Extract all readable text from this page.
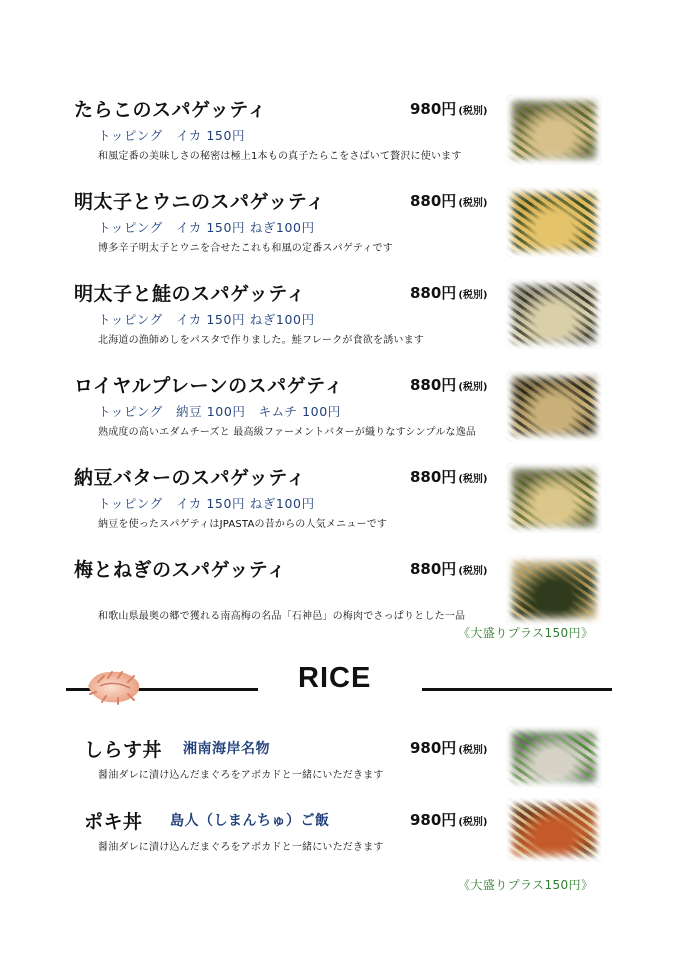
たらこのスパゲッティ	980円 (税別)
トッピング　イカ 150円
和風定番の美味しさの秘密は極上1本もの真子たらこをさばいて贅沢に使います
明太子とウニのスパゲッティ	880円 (税別)
トッピング　イカ 150円 ねぎ100円
博多辛子明太子とウニを合せたこれも和風の定番スパゲティです
明太子と鮭のスパゲッティ	880円 (税別)
トッピング　イカ 150円 ねぎ100円
北海道の漁師めしをパスタで作りました。鮭フレークが食欲を誘います
ロイヤルプレーンのスパゲティ	880円 (税別)
トッピング　納豆 100円　キムチ 100円
熟成度の高いエダムチーズと 最高級ファーメントバターが織りなすシンプルな逸品
納豆バターのスパゲッティ	880円 (税別)
トッピング　イカ 150円 ねぎ100円
納豆を使ったスパゲティはJPASTAの昔からの人気メニューです
梅とねぎのスパゲッティ	880円 (税別)
和歌山県最奥の郷で獲れる南高梅の名品「石神邑」の梅肉でさっぱりとした一品
《大盛りプラス150円》
RICE
しらす丼 湘南海岸名物	980円 (税別)
醤油ダレに漬け込んだまぐろをアボカドと一緒にいただきます
ポキ丼 島人（しまんちゅ）ご飯	980円 (税別)
醤油ダレに漬け込んだまぐろをアボカドと一緒にいただきます
《大盛りプラス150円》
